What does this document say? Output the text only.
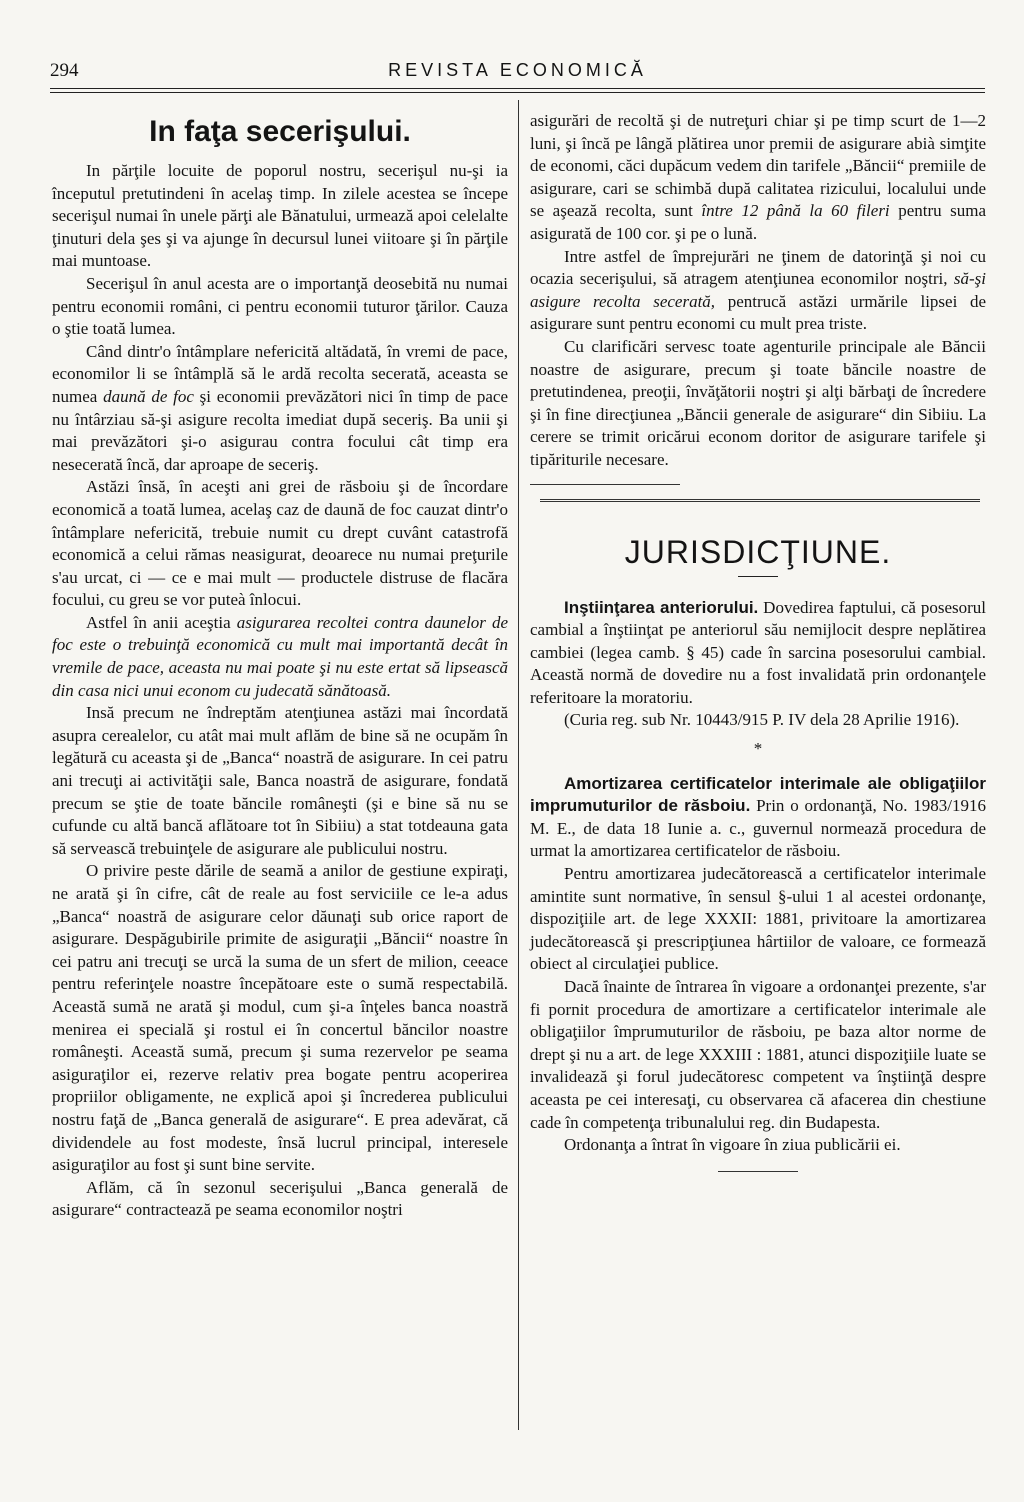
294	REVISTA ECONOMICĂ
In faţa secerişului.

In părţile locuite de poporul nostru, secerişul nu-şi ia începutul pretutindeni în acelaş timp. In zilele acestea se începe secerişul numai în unele părţi ale Bănatului, urmează apoi celelalte ţinuturi dela şes şi va ajunge în decursul lunei viitoare şi în părţile mai muntoase.

Secerişul în anul acesta are o importanţă deosebită nu numai pentru economii români, ci pentru economii tuturor ţărilor. Cauza o ştie toată lumea.

Când dintr'o întâmplare nefericită altădată, în vremi de pace, economilor li se întâmplă să le ardă recolta secerată, aceasta se numea daună de foc şi economii prevăzători nici în timp de pace nu întârziau să-şi asigure recolta imediat după seceriş. Ba unii şi mai prevăzători şi-o asigurau contra focului cât timp era nesecerată încă, dar aproape de seceriş.

Astăzi însă, în aceşti ani grei de răsboiu şi de încordare economică a toată lumea, acelaş caz de daună de foc cauzat dintr'o întâmplare nefericită, trebuie numit cu drept cuvânt catastrofă economică a celui rămas neasigurat, deoarece nu numai preţurile s'au urcat, ci — ce e mai mult — productele distruse de flacăra focului, cu greu se vor puteà înlocui.

Astfel în anii aceştia asigurarea recoltei contra daunelor de foc este o trebuinţă economică cu mult mai importantă decât în vremile de pace, aceasta nu mai poate şi nu este ertat să lipsească din casa nici unui econom cu judecată sănătoasă.

Insă precum ne îndreptăm atenţiunea astăzi mai încordată asupra cerealelor, cu atât mai mult aflăm de bine să ne ocupăm în legătură cu aceasta şi de „Banca“ noastră de asigurare. In cei patru ani trecuţi ai activităţii sale, Banca noastră de asigurare, fondată precum se ştie de toate băncile româneşti (şi e bine să nu se cufunde cu altă bancă aflătoare tot în Sibiiu) a stat totdeauna gata să servească trebuinţele de asigurare ale publicului nostru.

O privire peste dările de seamă a anilor de gestiune expiraţi, ne arată şi în cifre, cât de reale au fost serviciile ce le-a adus „Banca“ noastră de asigurare celor dăunaţi sub orice raport de asigurare. Despăgubirile primite de asiguraţii „Băncii“ noastre în cei patru ani trecuţi se urcă la suma de un sfert de milion, ceeace pentru referinţele noastre începătoare este o sumă respectabilă. Această sumă ne arată şi modul, cum şi-a înţeles banca noastră menirea ei specială şi rostul ei în concertul băncilor noastre româneşti. Această sumă, precum şi suma rezervelor pe seama asiguraţilor ei, rezerve relativ prea bogate pentru acoperirea propriilor obligamente, ne explică apoi şi încrederea publicului nostru faţă de „Banca generală de asigurare“. E prea adevărat, că dividendele au fost modeste, însă lucrul principal, interesele asiguraţilor au fost şi sunt bine servite.

Aflăm, că în sezonul secerişului „Banca generală de asigurare“ contractează pe seama economilor noştri

asigurări de recoltă şi de nutreţuri chiar şi pe timp scurt de 1—2 luni, şi încă pe lângă plătirea unor premii de asigurare abià simţite de economi, căci dupăcum vedem din tarifele „Băncii“ premiile de asigurare, cari se schimbă după calitatea rizicului, localului unde se aşează recolta, sunt între 12 până la 60 fileri pentru suma asigurată de 100 cor. şi pe o lună.

Intre astfel de împrejurări ne ţinem de datorinţă şi noi cu ocazia secerişului, să atragem atenţiunea economilor noştri, să-şi asigure recolta secerată, pentrucă astăzi urmările lipsei de asigurare sunt pentru economi cu mult prea triste.

Cu clarificări servesc toate agenturile principale ale Băncii noastre de asigurare, precum şi toate băncile noastre de pretutindenea, preoţii, învăţătorii noştri şi alţi bărbaţi de încredere şi în fine direcţiunea „Băncii generale de asigurare“ din Sibiiu. La cerere se trimit oricărui econom doritor de asigurare tarifele şi tipăriturile necesare.

JURISDICŢIUNE.

Inştiinţarea anteriorului. Dovedirea faptului, că posesorul cambial a înştiinţat pe anteriorul său nemijlocit despre neplătirea cambiei (legea camb. § 45) cade în sarcina posesorului cambial. Această normă de dovedire nu a fost invalidată prin ordonanţele referitoare la moratoriu.

(Curia reg. sub Nr. 10443/915 P. IV dela 28 Aprilie 1916).

*

Amortizarea certificatelor interimale ale obligaţiilor imprumuturilor de răsboiu. Prin o ordonanţă, No. 1983/1916 M. E., de data 18 Iunie a. c., guvernul normează procedura de urmat la amortizarea certificatelor de răsboiu.

Pentru amortizarea judecătorească a certificatelor interimale amintite sunt normative, în sensul §-ului 1 al acestei ordonanţe, dispoziţiile art. de lege XXXII: 1881, privitoare la amortizarea judecătorească şi prescripţiunea hârtiilor de valoare, ce formează obiect al circulaţiei publice.

Dacă înainte de întrarea în vigoare a ordonanţei prezente, s'ar fi pornit procedura de amortizare a certificatelor interimale ale obligaţiilor împrumuturilor de răsboiu, pe baza altor norme de drept şi nu a art. de lege XXXIII : 1881, atunci dispoziţiile luate se invalidează şi forul judecătoresc competent va înştiinţă despre aceasta pe cei interesaţi, cu observarea că afacerea din chestiune cade în competenţa tribunalului reg. din Budapesta.

Ordonanţa a întrat în vigoare în ziua publicării ei.
